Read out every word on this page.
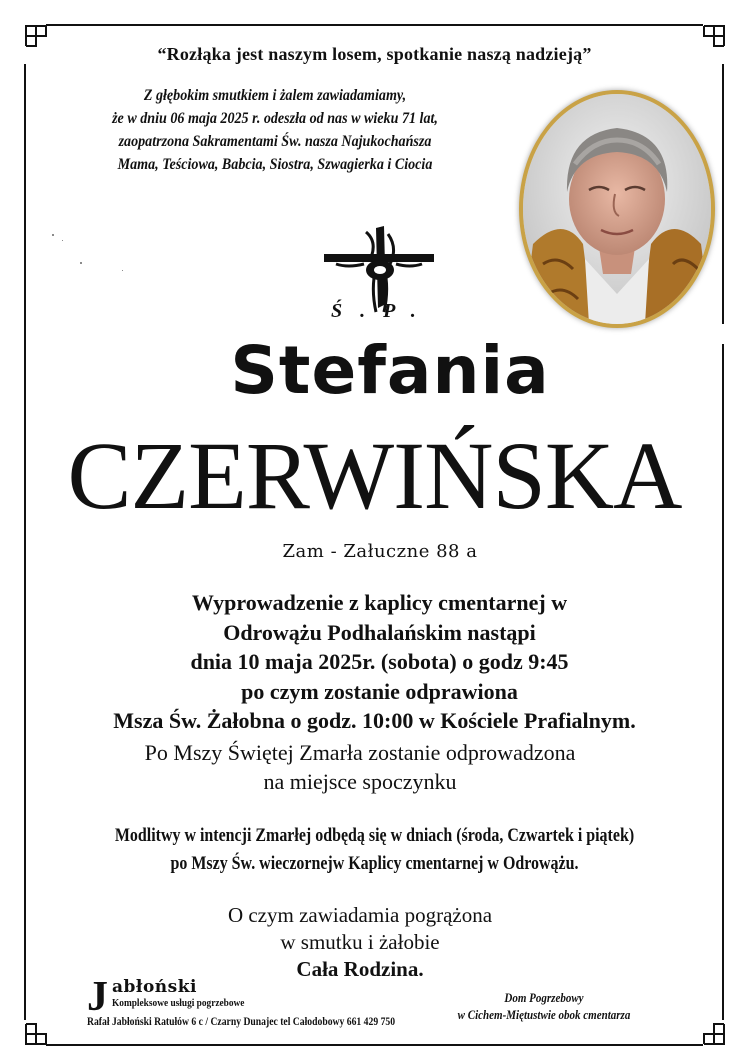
“Rozłąka jest naszym losem, spotkanie naszą nadzieją”
Z głębokim smutkiem i żalem zawiadamiamy,
że w dniu 06 maja 2025 r. odeszła od nas w wieku 71 lat,
zaopatrzona Sakramentami Św. nasza Najukochańsza
Mama, Teściowa, Babcia, Siostra, Szwagierka i Ciocia
Ś.P.
Stefania
CZERWIŃSKA
Zam - Załuczne 88 a
Wyprowadzenie z kaplicy cmentarnej w
Odrowążu Podhalańskim nastąpi
dnia 10 maja 2025r. (sobota) o godz 9:45
po czym zostanie odprawiona
Msza Św. Żałobna o godz. 10:00 w Kościele Prafialnym.
Po Mszy Świętej Zmarła zostanie odprowadzona
na miejsce spoczynku
Modlitwy w intencji Zmarłej odbędą się w dniach (środa, Czwartek i piątek)
po Mszy Św. wieczornejw Kaplicy cmentarnej w Odrowążu.
O czym zawiadamia pogrążona
w smutku i żałobie
Cała Rodzina.
J abłoński
Kompleksowe usługi pogrzebowe
Rafał Jabłoński Ratułów 6 c / Czarny Dunajec tel Całodobowy 661 429 750
Dom Pogrzebowy
w Cichem-Miętustwie obok cmentarza
